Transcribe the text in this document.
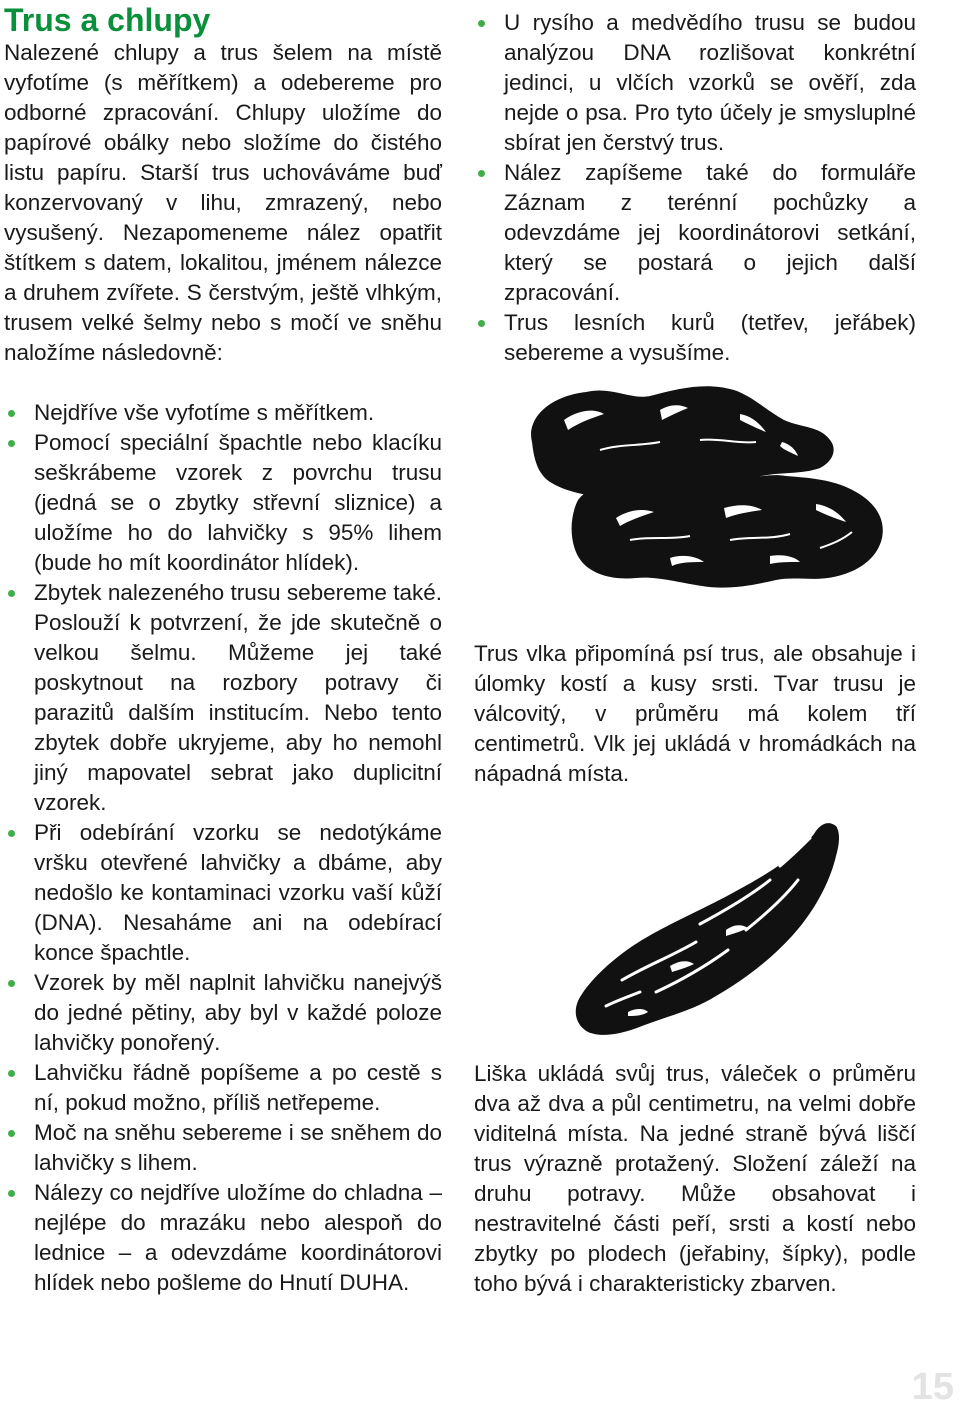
Trus a chlupy

Nalezené chlupy a trus šelem na místě vyfotíme (s měřítkem) a odebereme pro odborné zpracování. Chlupy uložíme do papírové obálky nebo složíme do čistého listu papíru. Starší trus uchováváme buď konzervovaný v lihu, zmrazený, nebo vysušený. Nezapomeneme nález opatřit štítkem s datem, lokalitou, jménem nálezce a druhem zvířete. S čerstvým, ještě vlhkým, trusem velké šelmy nebo s močí ve sněhu naložíme následovně:

U rysího a medvědího trusu se budou analýzou DNA rozlišovat konkrétní jedinci, u vlčích vzorků se ověří, zda nejde o psa. Pro tyto účely je smysluplné sbírat jen čerstvý trus.
Nález zapíšeme také do formuláře Záznam z terénní pochůzky a odevzdáme jej koordinátorovi setkání, který se postará o jejich další zpracování.
Trus lesních kurů (tetřev, jeřábek) sebereme a vysušíme.
Nejdříve vše vyfotíme s měřítkem.
Pomocí speciální špachtle nebo klacíku seškrábeme vzorek z povrchu trusu (jedná se o zbytky střevní sliznice) a uložíme ho do lahvičky s 95% lihem (bude ho mít koordinátor hlídek).
Zbytek nalezeného trusu sebereme také. Poslouží k potvrzení, že jde skutečně o velkou šelmu. Můžeme jej také poskytnout na rozbory potravy či parazitů dalším institucím. Nebo tento zbytek dobře ukryjeme, aby ho nemohl jiný mapovatel sebrat jako duplicitní vzorek.
Při odebírání vzorku se nedotýkáme vršku otevřené lahvičky a dbáme, aby nedošlo ke kontaminaci vzorku vaší kůží (DNA). Nesaháme ani na odebírací konce špachtle.
Vzorek by měl naplnit lahvičku nanejvýš do jedné pětiny, aby byl v každé poloze lahvičky ponořený.
Lahvičku řádně popíšeme a po cestě s ní, pokud možno, příliš netřepeme.
Moč na sněhu sebereme i se sněhem do lahvičky s lihem.
Nálezy co nejdříve uložíme do chladna – nejlépe do mrazáku nebo alespoň do lednice – a odevzdáme koordinátorovi hlídek nebo pošleme do Hnutí DUHA.

Trus vlka připomíná psí trus, ale obsahuje i úlomky kostí a kusy srsti. Tvar trusu je válcovitý, v průměru má kolem tří centimetrů. Vlk jej ukládá v hromádkách na nápadná místa.

Liška ukládá svůj trus, váleček o průměru dva až dva a půl centimetru, na velmi dobře viditelná místa. Na jedné straně bývá liščí trus výrazně protažený. Složení záleží na druhu potravy. Může obsahovat i nestravitelné části peří, srsti a kostí nebo zbytky po plodech (jeřabiny, šípky), podle toho bývá i charakteristicky zbarven.

15
